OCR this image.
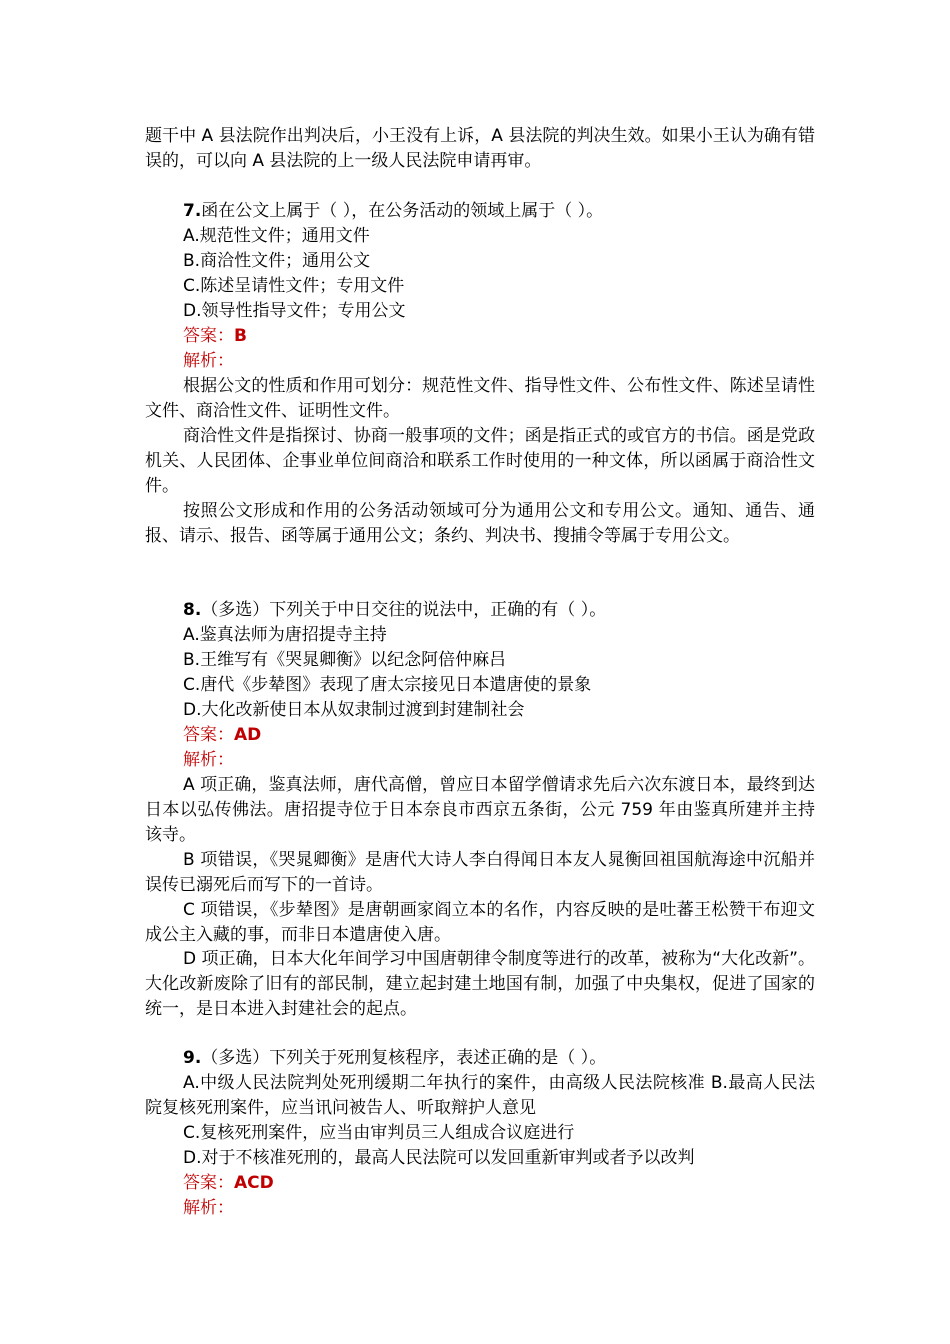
题干中 A 县法院作出判决后，小王没有上诉，A 县法院的判决生效。如果小王认为确有错误的，可以向 A 县法院的上一级人民法院申请再审。

7.函在公文上属于（ ），在公务活动的领域上属于（ ）。

A.规范性文件；通用文件

B.商洽性文件；通用公文

C.陈述呈请性文件；专用文件

D.领导性指导文件；专用公文

答案：B

解析：

根据公文的性质和作用可划分：规范性文件、指导性文件、公布性文件、陈述呈请性文件、商洽性文件、证明性文件。

商洽性文件是指探讨、协商一般事项的文件；函是指正式的或官方的书信。函是党政机关、人民团体、企事业单位间商洽和联系工作时使用的一种文体，所以函属于商洽性文件。

按照公文形成和作用的公务活动领域可分为通用公文和专用公文。通知、通告、通报、请示、报告、函等属于通用公文；条约、判决书、搜捕令等属于专用公文。

8.（多选）下列关于中日交往的说法中，正确的有（ ）。

A.鉴真法师为唐招提寺主持

B.王维写有《哭晁卿衡》以纪念阿倍仲麻吕

C.唐代《步辇图》表现了唐太宗接见日本遣唐使的景象

D.大化改新使日本从奴隶制过渡到封建制社会

答案：AD

解析：

A 项正确，鉴真法师，唐代高僧，曾应日本留学僧请求先后六次东渡日本，最终到达日本以弘传佛法。唐招提寺位于日本奈良市西京五条街，公元 759 年由鉴真所建并主持该寺。

B 项错误，《哭晁卿衡》是唐代大诗人李白得闻日本友人晁衡回祖国航海途中沉船并误传已溺死后而写下的一首诗。

C 项错误，《步辇图》是唐朝画家阎立本的名作，内容反映的是吐蕃王松赞干布迎文成公主入藏的事，而非日本遣唐使入唐。

D 项正确，日本大化年间学习中国唐朝律令制度等进行的改革，被称为“大化改新”。大化改新废除了旧有的部民制，建立起封建土地国有制，加强了中央集权，促进了国家的统一，是日本进入封建社会的起点。

9.（多选）下列关于死刑复核程序，表述正确的是（ ）。

A.中级人民法院判处死刑缓期二年执行的案件，由高级人民法院核准 B.最高人民法院复核死刑案件，应当讯问被告人、听取辩护人意见

C.复核死刑案件，应当由审判员三人组成合议庭进行

D.对于不核准死刑的，最高人民法院可以发回重新审判或者予以改判

答案：ACD

解析：
